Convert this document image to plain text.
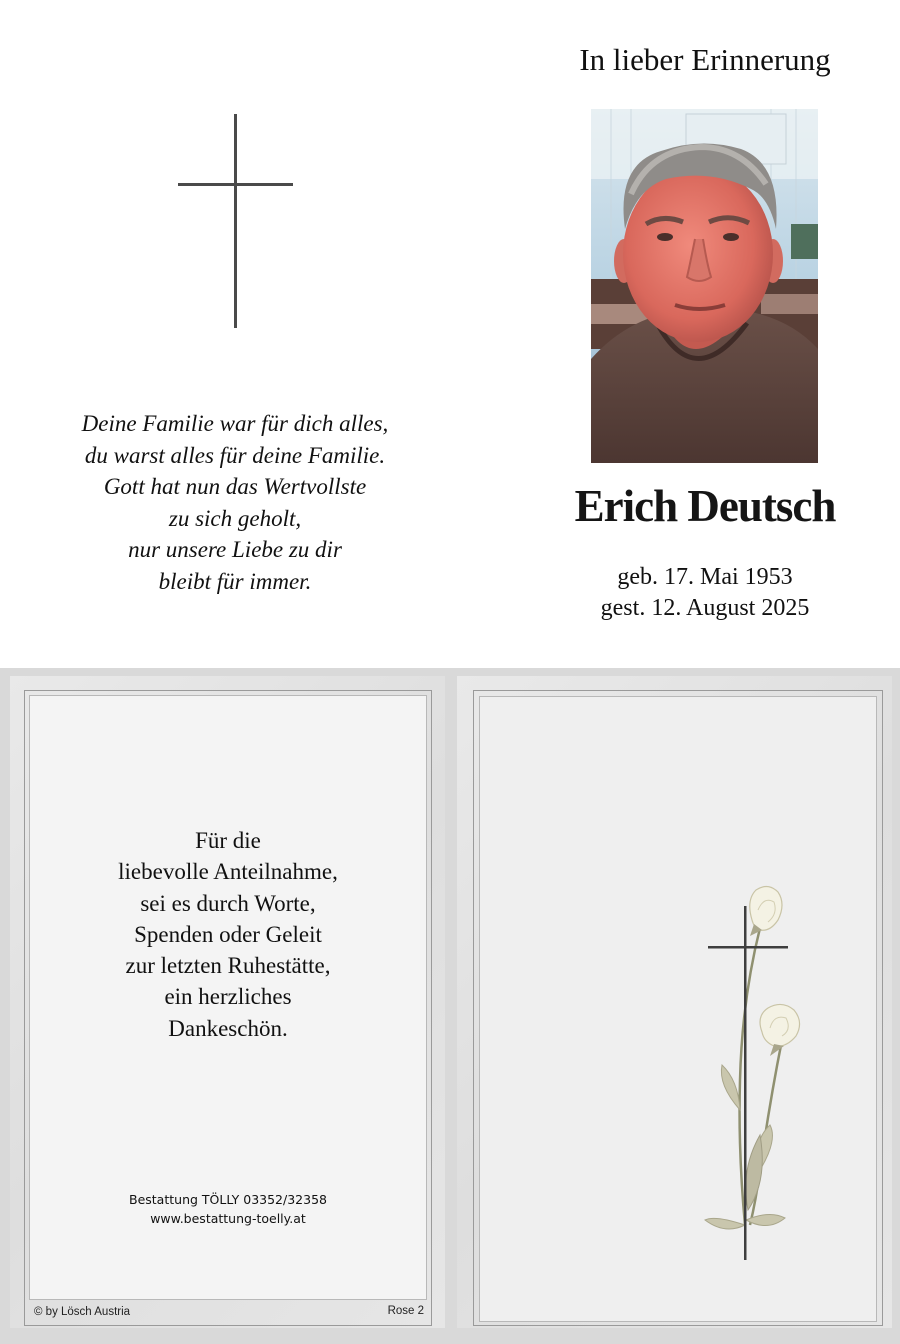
Deine Familie war für dich alles,
du warst alles für deine Familie.
Gott hat nun das Wertvollste
zu sich geholt,
nur unsere Liebe zu dir
bleibt für immer.
In lieber Erinnerung
Erich Deutsch
geb. 17. Mai 1953
gest. 12. August 2025
Für die
liebevolle Anteilnahme,
sei es durch Worte,
Spenden oder Geleit
zur letzten Ruhestätte,
ein herzliches
Dankeschön.
Bestattung TÖLLY 03352/32358
www.bestattung-toelly.at
© by Lösch Austria	Rose 2
